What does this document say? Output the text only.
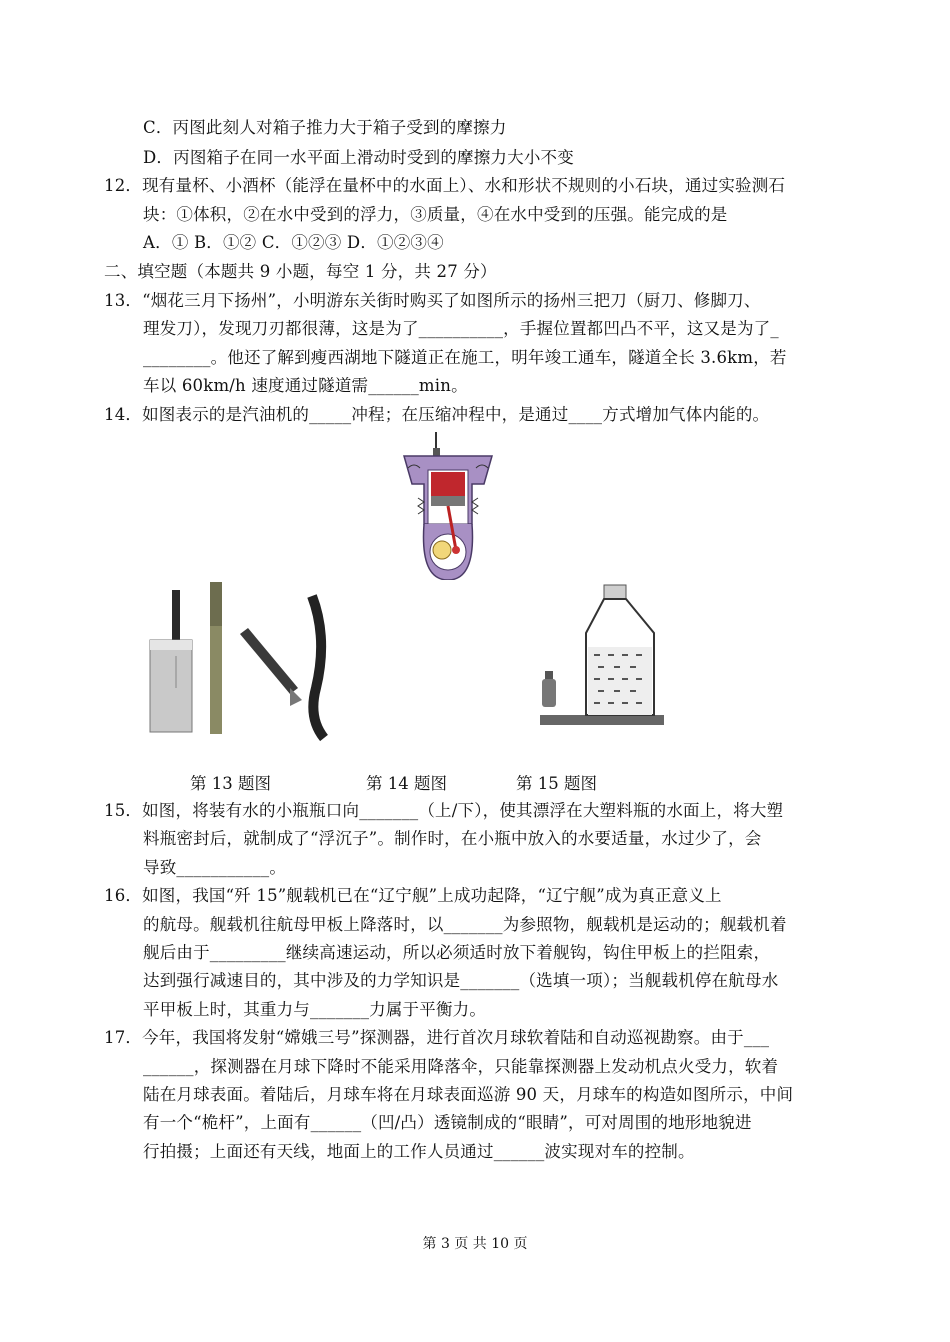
C．丙图此刻人对箱子推力大于箱子受到的摩擦力
D．丙图箱子在同一水平面上滑动时受到的摩擦力大小不变
12．现有量杯、小酒杯（能浮在量杯中的水面上）、水和形状不规则的小石块，通过实验测石
块：①体积，②在水中受到的浮力，③质量，④在水中受到的压强。能完成的是
A．① B．①② C．①②③ D．①②③④
二、填空题（本题共 9 小题，每空 1 分，共 27 分）
13．“烟花三月下扬州”，小明游东关街时购买了如图所示的扬州三把刀（厨刀、修脚刀、
理发刀），发现刀刃都很薄，这是为了__________，手握位置都凹凸不平，这又是为了_
________。他还了解到瘦西湖地下隧道正在施工，明年竣工通车，隧道全长 3.6km，若
车以 60km/h 速度通过隧道需______min。
14．如图表示的是汽油机的_____冲程；在压缩冲程中，是通过____方式增加气体内能的。
第 13 题图	第 14 题图	第 15 题图
15．如图，将装有水的小瓶瓶口向_______（上/下），使其漂浮在大塑料瓶的水面上，将大塑
料瓶密封后，就制成了“浮沉子”。制作时，在小瓶中放入的水要适量，水过少了，会
导致___________。
16．如图，我国“歼 15”舰载机已在“辽宁舰”上成功起降，“辽宁舰”成为真正意义上
的航母。舰载机往航母甲板上降落时，以_______为参照物，舰载机是运动的；舰载机着
舰后由于_________继续高速运动，所以必须适时放下着舰钩，钩住甲板上的拦阻索，
达到强行减速目的，其中涉及的力学知识是_______（选填一项）；当舰载机停在航母水
平甲板上时，其重力与_______力属于平衡力。
17．今年，我国将发射“嫦娥三号”探测器，进行首次月球软着陆和自动巡视勘察。由于___
______，探测器在月球下降时不能采用降落伞，只能靠探测器上发动机点火受力，软着
陆在月球表面。着陆后，月球车将在月球表面巡游 90 天，月球车的构造如图所示，中间
有一个“桅杆”，上面有______（凹/凸）透镜制成的“眼睛”，可对周围的地形地貌进
行拍摄；上面还有天线，地面上的工作人员通过______波实现对车的控制。
第 3 页 共 10 页
